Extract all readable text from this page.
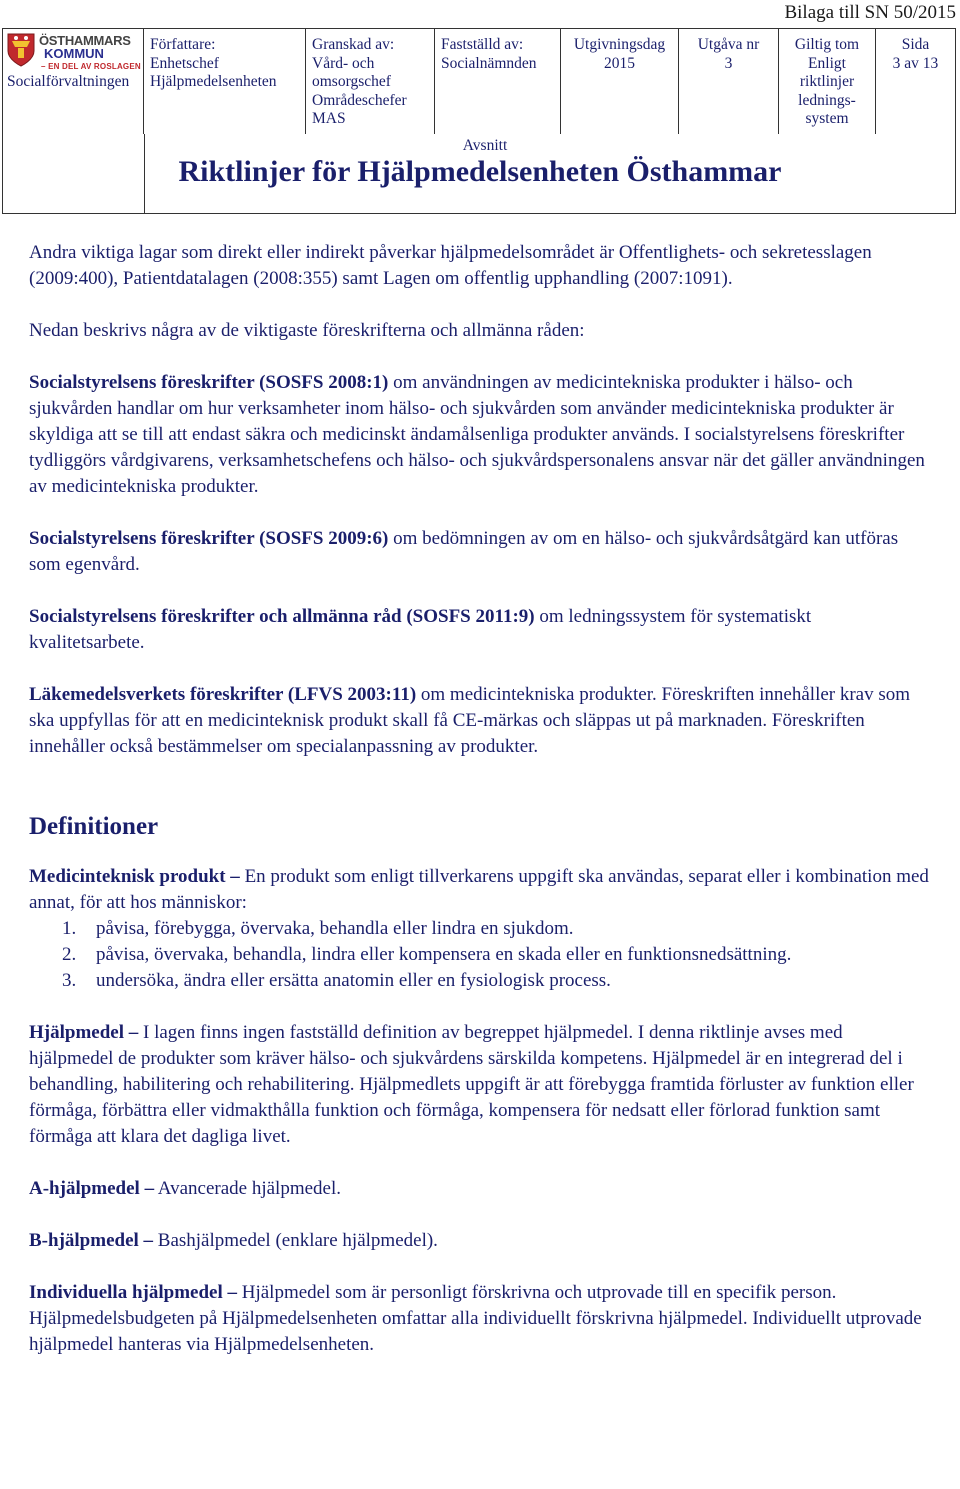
Bilaga till SN 50/2015
ÖSTHAMMARS
KOMMUN
– EN DEL AV ROSLAGEN
Socialförvaltningen
Författare:
Enhetschef
Hjälpmedelsenheten
Granskad av:
Vård- och
omsorgschef
Områdeschefer
MAS
Fastställd av:
Socialnämnden
Utgivningsdag
2015
Utgåva nr
3
Giltig tom
Enligt
riktlinjer
lednings-
system
Sida
3 av 13
Avsnitt
Riktlinjer för Hjälpmedelsenheten Östhammar

Andra viktiga lagar som direkt eller indirekt påverkar hjälpmedelsområdet är Offentlighets- och sekretesslagen (2009:400), Patientdatalagen (2008:355) samt Lagen om offentlig upphandling (2007:1091).

Nedan beskrivs några av de viktigaste föreskrifterna och allmänna råden:

Socialstyrelsens föreskrifter (SOSFS 2008:1) om användningen av medicintekniska produkter i hälso- och sjukvården handlar om hur verksamheter inom hälso- och sjukvården som använder medicintekniska produkter är skyldiga att se till att endast säkra och medicinskt ändamålsenliga produkter används. I socialstyrelsens föreskrifter tydliggörs vårdgivarens, verksamhetschefens och hälso- och sjukvårdspersonalens ansvar när det gäller användningen av medicintekniska produkter.

Socialstyrelsens föreskrifter (SOSFS 2009:6) om bedömningen av om en hälso- och sjukvårdsåtgärd kan utföras som egenvård.

Socialstyrelsens föreskrifter och allmänna råd (SOSFS 2011:9) om ledningssystem för systematiskt kvalitetsarbete.

Läkemedelsverkets föreskrifter (LFVS 2003:11) om medicintekniska produkter. Föreskriften innehåller krav som ska uppfyllas för att en medicinteknisk produkt skall få CE-märkas och släppas ut på marknaden. Föreskriften innehåller också bestämmelser om specialanpassning av produkter.

Definitioner

Medicinteknisk produkt – En produkt som enligt tillverkarens uppgift ska användas, separat eller i kombination med annat, för att hos människor:

1. påvisa, förebygga, övervaka, behandla eller lindra en sjukdom.
2. påvisa, övervaka, behandla, lindra eller kompensera en skada eller en funktionsnedsättning.
3. undersöka, ändra eller ersätta anatomin eller en fysiologisk process.

Hjälpmedel – I lagen finns ingen fastställd definition av begreppet hjälpmedel. I denna riktlinje avses med hjälpmedel de produkter som kräver hälso- och sjukvårdens särskilda kompetens. Hjälpmedel är en integrerad del i behandling, habilitering och rehabilitering. Hjälpmedlets uppgift är att förebygga framtida förluster av funktion eller förmåga, förbättra eller vidmakthålla funktion och förmåga, kompensera för nedsatt eller förlorad funktion samt förmåga att klara det dagliga livet.

A-hjälpmedel – Avancerade hjälpmedel.

B-hjälpmedel – Bashjälpmedel (enklare hjälpmedel).

Individuella hjälpmedel – Hjälpmedel som är personligt förskrivna och utprovade till en specifik person. Hjälpmedelsbudgeten på Hjälpmedelsenheten omfattar alla individuellt förskrivna hjälpmedel. Individuellt utprovade hjälpmedel hanteras via Hjälpmedelsenheten.
